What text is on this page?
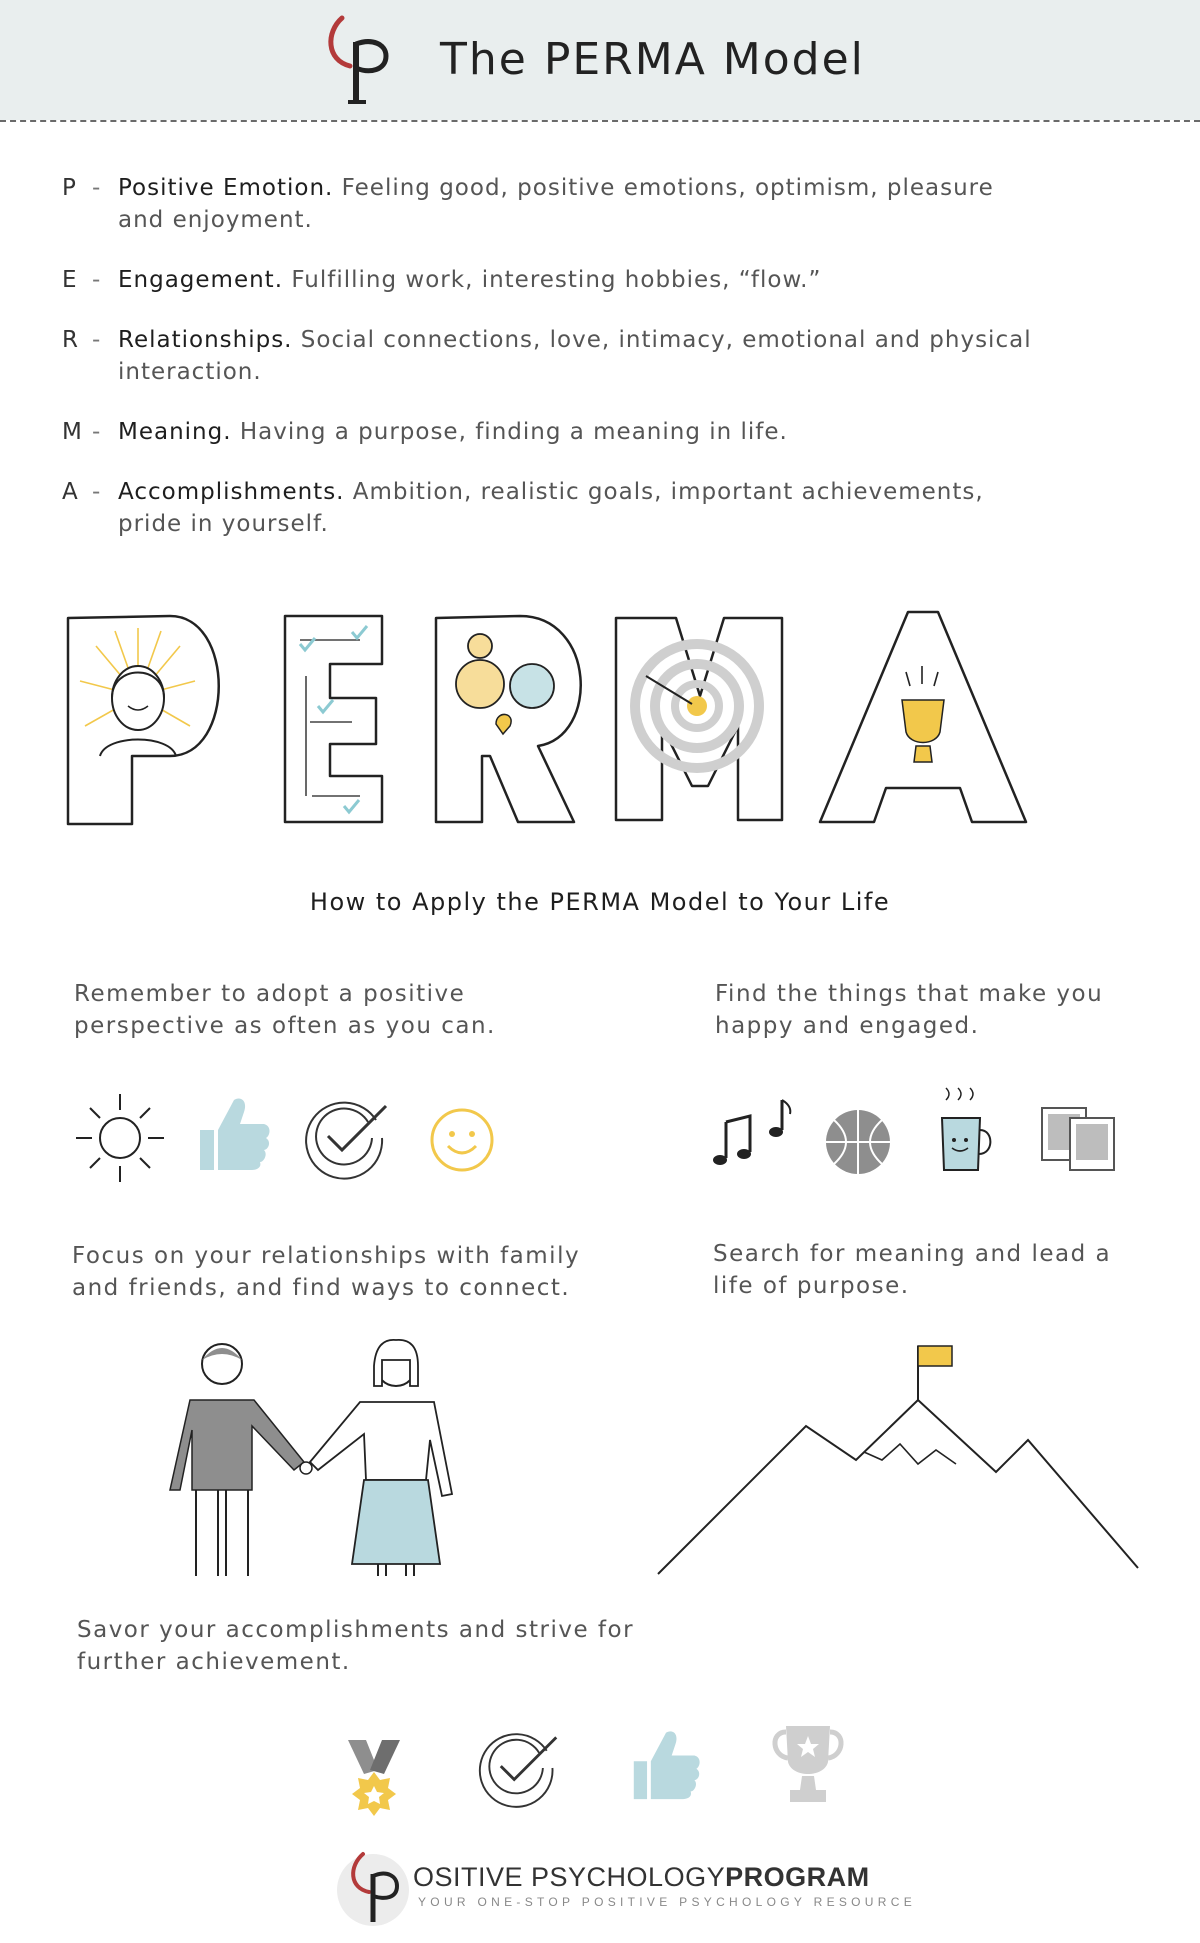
The PERMA Model
P - Positive Emotion. Feeling good, positive emotions, optimism, pleasure and enjoyment.
E - Engagement. Fulfilling work, interesting hobbies, “flow.”
R - Relationships. Social connections, love, intimacy, emotional and physical interaction.
M - Meaning. Having a purpose, finding a meaning in life.
A - Accomplishments. Ambition, realistic goals, important achievements, pride in yourself.
How to Apply the PERMA Model to Your Life
Remember to adopt a positive perspective as often as you can.
Find the things that make you happy and engaged.
Focus on your relationships with family and friends, and find ways to connect.
Search for meaning and lead a life of purpose.
Savor your accomplishments and strive for further achievement.
OSITIVE PSYCHOLOGYPROGRAM
YOUR ONE-STOP POSITIVE PSYCHOLOGY RESOURCE
